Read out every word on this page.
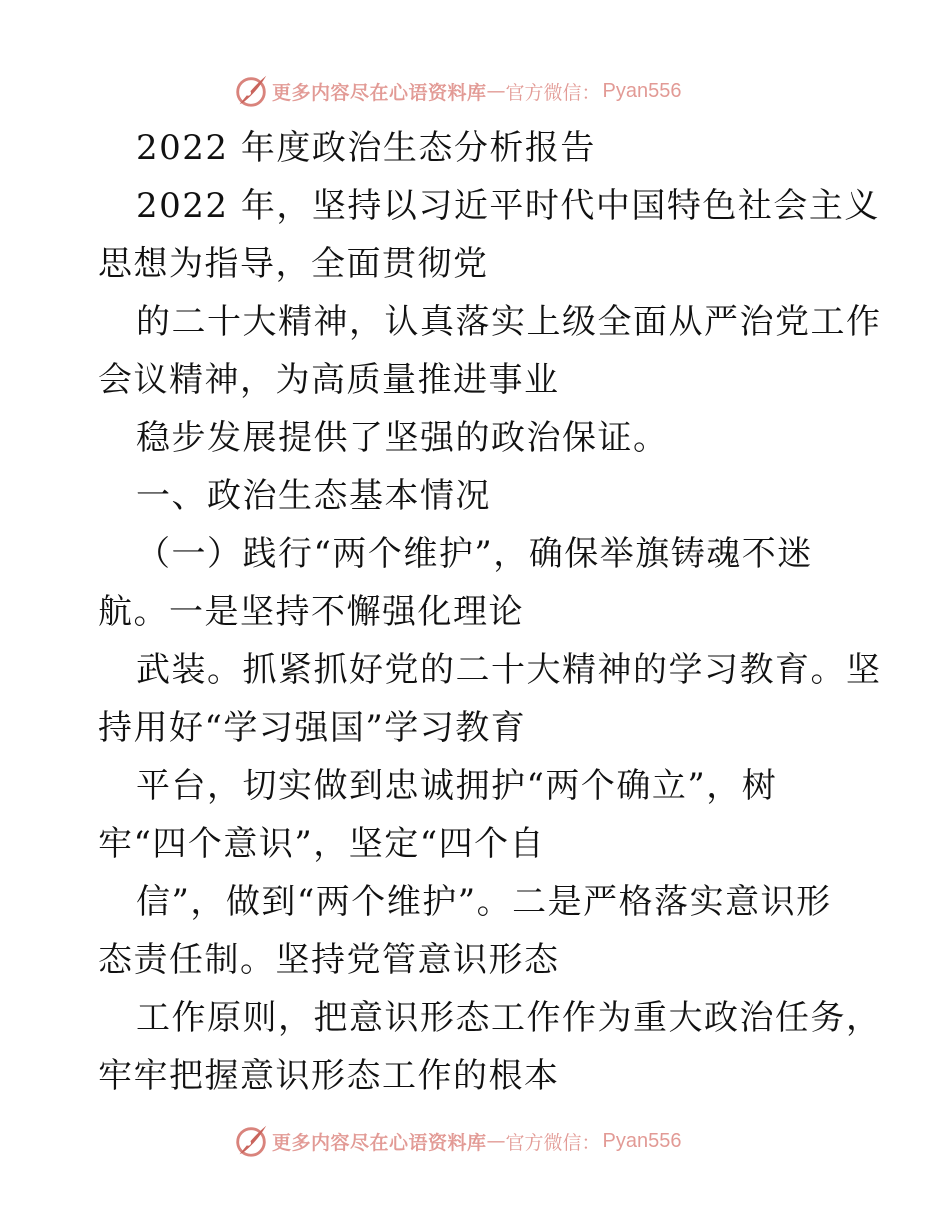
更多内容尽在心语资料库 — 官方微信： Pyan556
2022 年度政治生态分析报告
2022 年，坚持以习近平时代中国特色社会主义
思想为指导，全面贯彻党
的二十大精神，认真落实上级全面从严治党工作
会议精神，为高质量推进事业
稳步发展提供了坚强的政治保证。
一、政治生态基本情况
（一）践行“两个维护”，确保举旗铸魂不迷
航。一是坚持不懈强化理论
武装。抓紧抓好党的二十大精神的学习教育。坚
持用好“学习强国”学习教育
平台，切实做到忠诚拥护“两个确立”，树
牢“四个意识”，坚定“四个自
信”，做到“两个维护”。二是严格落实意识形
态责任制。坚持党管意识形态
工作原则，把意识形态工作作为重大政治任务，
牢牢把握意识形态工作的根本
更多内容尽在心语资料库 — 官方微信： Pyan556
